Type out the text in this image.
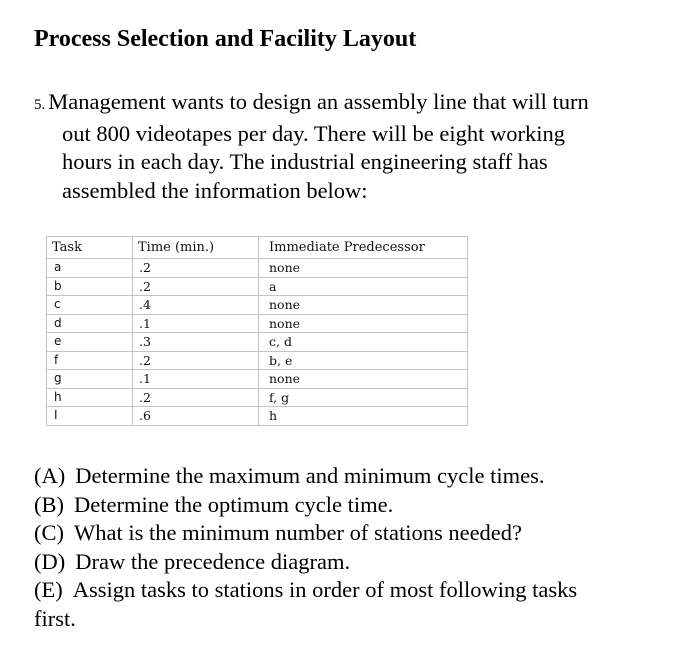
Process Selection and Facility Layout
5. Management wants to design an assembly line that will turn
out 800 videotapes per day. There will be eight working
hours in each day. The industrial engineering staff has
assembled the information below:
Task	Time (min.)	Immediate Predecessor
a	.2	none
b	.2	a
c	.4	none
d	.1	none
e	.3	c, d
f	.2	b, e
g	.1	none
h	.2	f, g
I	.6	h
(A) Determine the maximum and minimum cycle times.
(B) Determine the optimum cycle time.
(C) What is the minimum number of stations needed?
(D) Draw the precedence diagram.
(E) Assign tasks to stations in order of most following tasks
first.
